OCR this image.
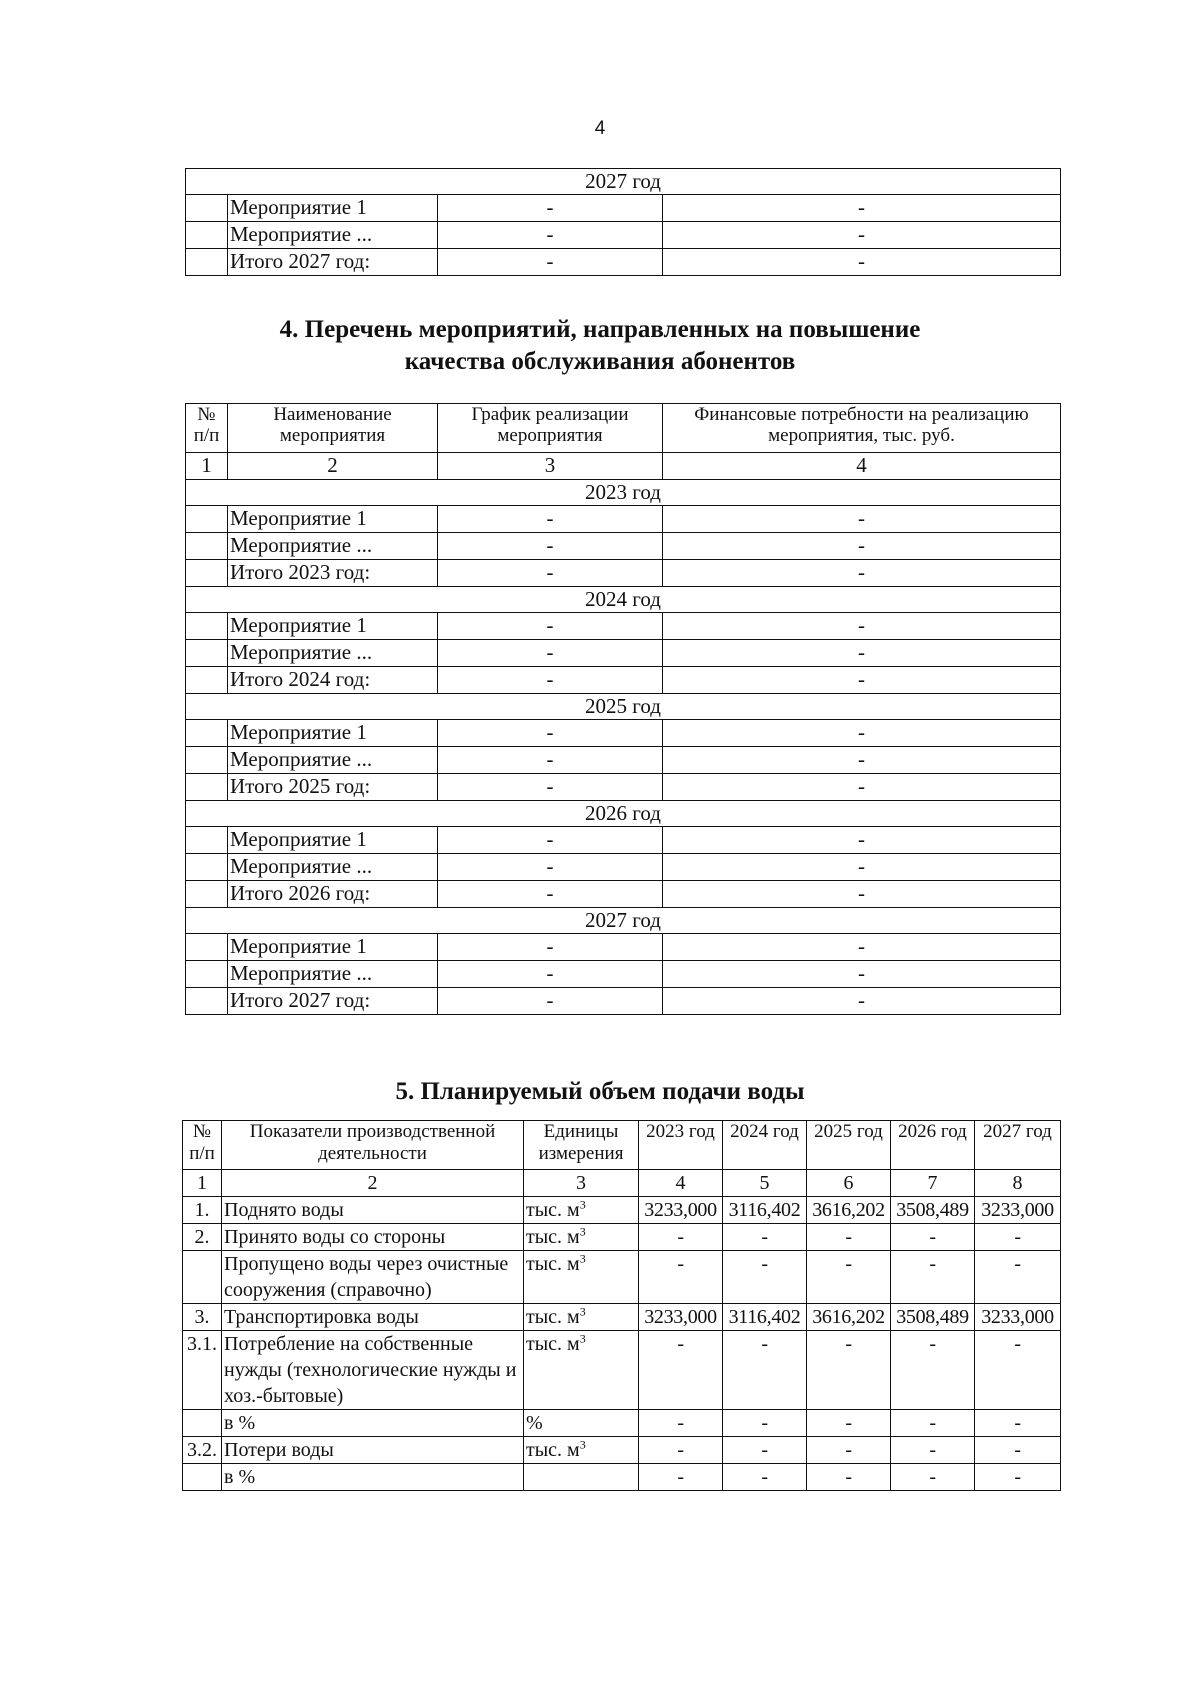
4
2027 год			
	Мероприятие 1	-	-
	Мероприятие ...	-	-
	Итого 2027 год:	-	-
4. Перечень мероприятий, направленных на повышение
качества обслуживания абонентов
№ п/п	Наименование мероприятия	График реализации мероприятия	Финансовые потребности на реализацию мероприятия, тыс. руб.
1	2	3	4
2023 год			
	Мероприятие 1	-	-
	Мероприятие ...	-	-
	Итого 2023 год:	-	-
2024 год			
	Мероприятие 1	-	-
	Мероприятие ...	-	-
	Итого 2024 год:	-	-
2025 год			
	Мероприятие 1	-	-
	Мероприятие ...	-	-
	Итого 2025 год:	-	-
2026 год			
	Мероприятие 1	-	-
	Мероприятие ...	-	-
	Итого 2026 год:	-	-
2027 год			
	Мероприятие 1	-	-
	Мероприятие ...	-	-
	Итого 2027 год:	-	-
5. Планируемый объем подачи воды
№ п/п	Показатели производственной деятельности	Единицы измерения	2023 год	2024 год	2025 год	2026 год	2027 год
1	2	3	4	5	6	7	8
1.	Поднято воды	тыс. $м^3$	3233,000	3116,402	3616,202	3508,489	3233,000
2.	Принято воды со стороны	тыс. $м^3$	-	-	-	-	-
	Пропущено воды через очистные сооружения (справочно)	тыс. $м^3$	-	-	-	-	-
3.	Транспортировка воды	тыс. $м^3$	3233,000	3116,402	3616,202	3508,489	3233,000
3.1.	Потребление на собственные нужды (технологические нужды и хоз.-бытовые)	тыс. $м^3$	-	-	-	-	-
	в %	%	-	-	-	-	-
3.2.	Потери воды	тыс. $м^3$	-	-	-	-	-
	в %		-	-	-	-	-
